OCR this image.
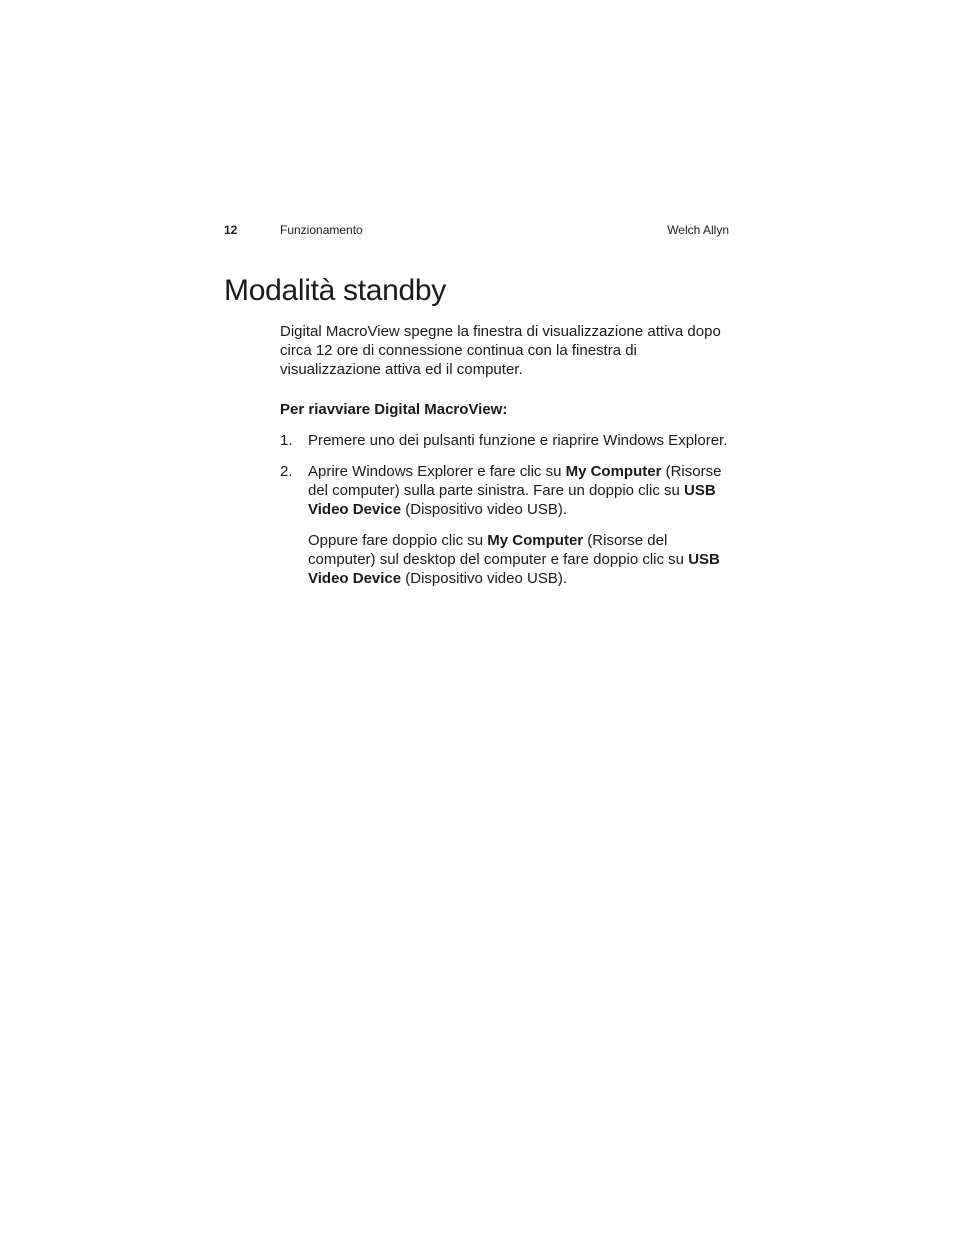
12	Funzionamento	Welch Allyn
Modalità standby

Digital MacroView spegne la finestra di visualizzazione attiva dopo circa 12 ore di connessione continua con la finestra di visualizzazione attiva ed il computer.

Per riavviare Digital MacroView:

1. Premere uno dei pulsanti funzione e riaprire Windows Explorer.

2. Aprire Windows Explorer e fare clic su My Computer (Risorse del computer) sulla parte sinistra. Fare un doppio clic su USB Video Device (Dispositivo video USB).

Oppure fare doppio clic su My Computer (Risorse del computer) sul desktop del computer e fare doppio clic su USB Video Device (Dispositivo video USB).
